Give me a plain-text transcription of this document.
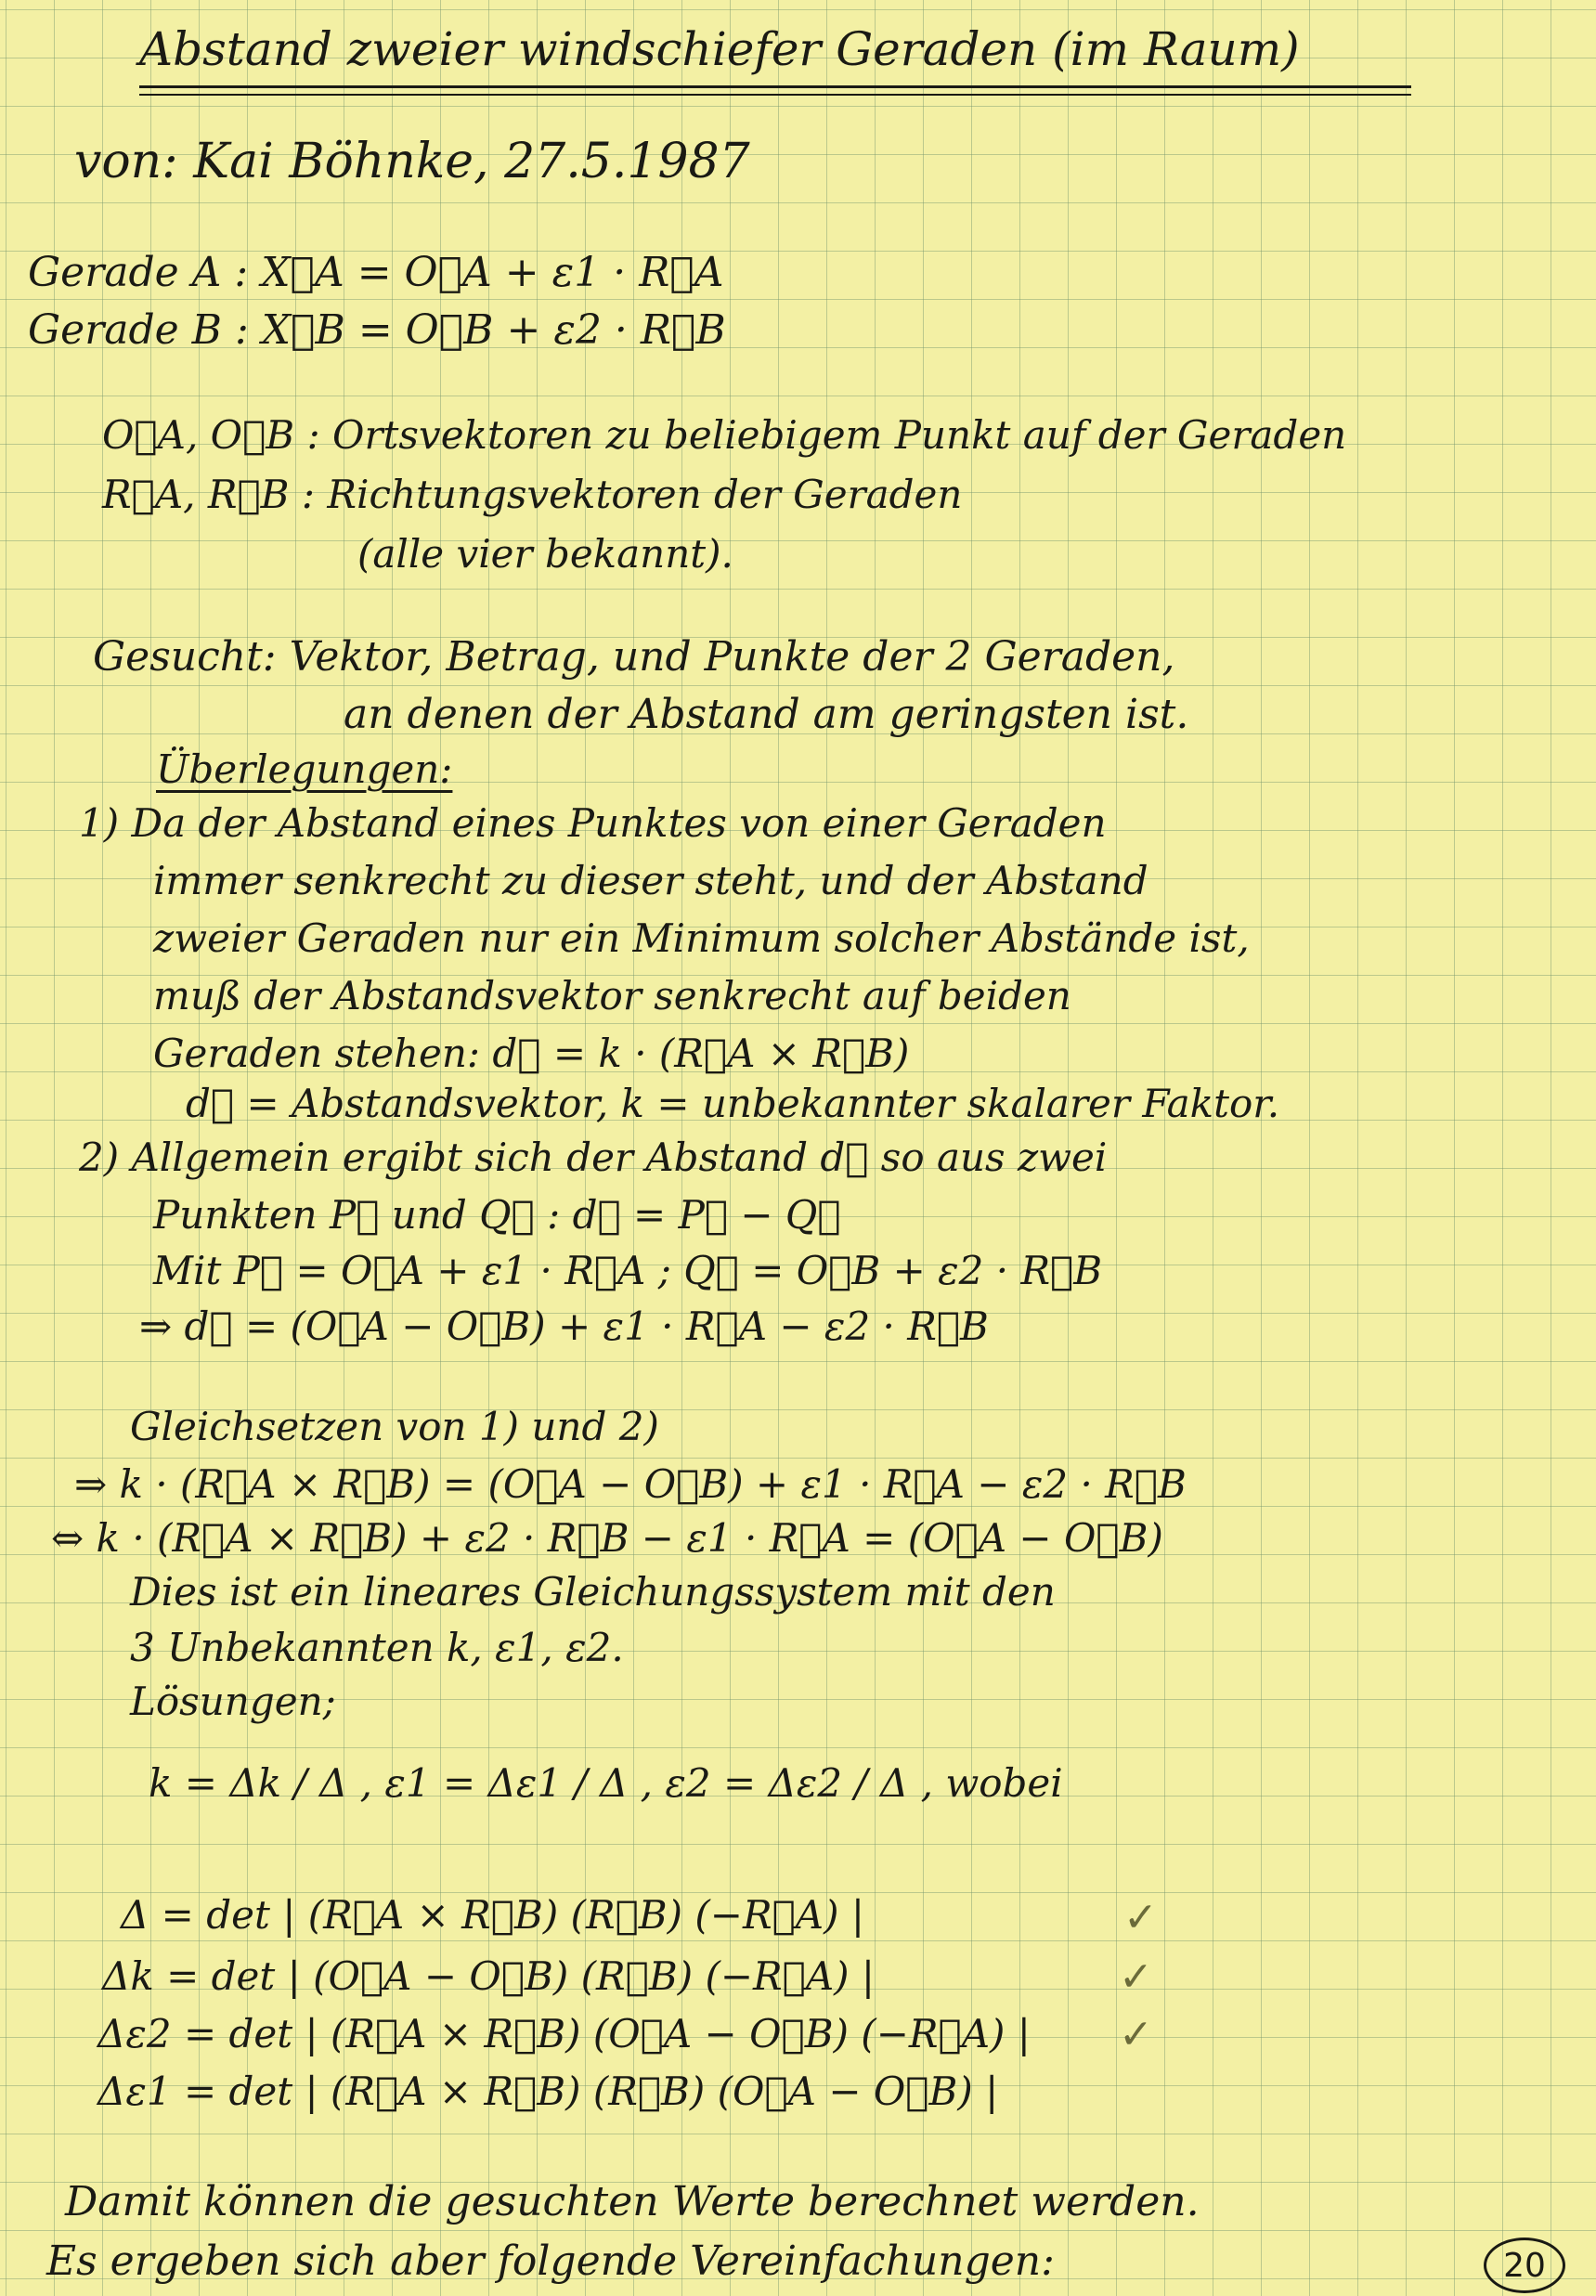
Abstand zweier windschiefer Geraden (im Raum)
von: Kai Böhnke, 27.5.1987
Gerade A : X⃗A = O⃗A + ε1 · R⃗A
Gerade B : X⃗B = O⃗B + ε2 · R⃗B
O⃗A, O⃗B : Ortsvektoren zu beliebigem Punkt auf der Geraden
R⃗A, R⃗B : Richtungsvektoren der Geraden
(alle vier bekannt).
Gesucht: Vektor, Betrag, und Punkte der 2 Geraden,
an denen der Abstand am geringsten ist.
Überlegungen:
1) Da der Abstand eines Punktes von einer Geraden
immer senkrecht zu dieser steht, und der Abstand
zweier Geraden nur ein Minimum solcher Abstände ist,
muß der Abstandsvektor senkrecht auf beiden
Geraden stehen: d⃗ = k · (R⃗A × R⃗B)
d⃗ = Abstandsvektor, k = unbekannter skalarer Faktor.
2) Allgemein ergibt sich der Abstand d⃗ so aus zwei
Punkten P⃗ und Q⃗ : d⃗ = P⃗ − Q⃗
Mit P⃗ = O⃗A + ε1 · R⃗A ; Q⃗ = O⃗B + ε2 · R⃗B
⇒ d⃗ = (O⃗A − O⃗B) + ε1 · R⃗A − ε2 · R⃗B
Gleichsetzen von 1) und 2)
⇒ k · (R⃗A × R⃗B) = (O⃗A − O⃗B) + ε1 · R⃗A − ε2 · R⃗B
⇔ k · (R⃗A × R⃗B) + ε2 · R⃗B − ε1 · R⃗A = (O⃗A − O⃗B)
Dies ist ein lineares Gleichungssystem mit den
3 Unbekannten k, ε1, ε2.
Lösungen;
k = Δk / Δ , ε1 = Δε1 / Δ , ε2 = Δε2 / Δ , wobei
Δ = det | (R⃗A × R⃗B) (R⃗B) (−R⃗A) |
Δk = det | (O⃗A − O⃗B) (R⃗B) (−R⃗A) |
Δε2 = det | (R⃗A × R⃗B) (O⃗A − O⃗B) (−R⃗A) |
Δε1 = det | (R⃗A × R⃗B) (R⃗B) (O⃗A − O⃗B) |
✓
✓
✓
Damit können die gesuchten Werte berechnet werden.
Es ergeben sich aber folgende Vereinfachungen:	20
